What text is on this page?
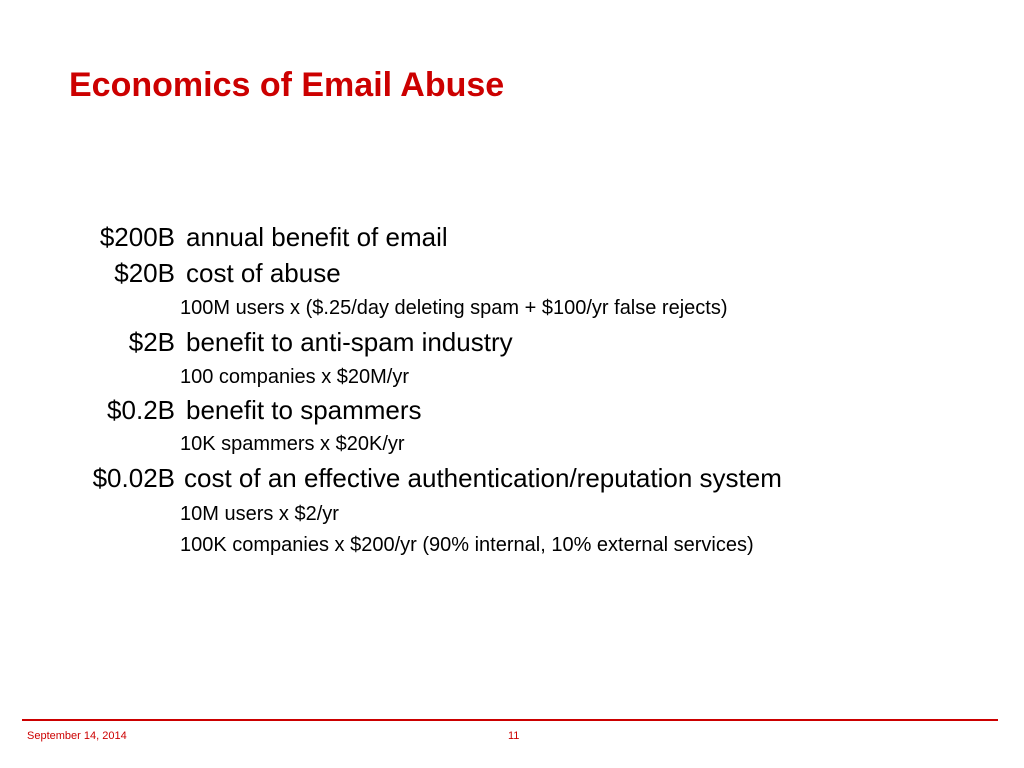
Economics of Email Abuse
$200B annual benefit of email
$20B cost of abuse
100M users x ($.25/day deleting spam + $100/yr false rejects)
$2B benefit to anti-spam industry
100 companies x $20M/yr
$0.2B benefit to spammers
10K spammers x $20K/yr
$0.02B cost of an effective authentication/reputation system
10M users x $2/yr
100K companies x $200/yr (90% internal, 10% external services)
September 14, 2014	11
